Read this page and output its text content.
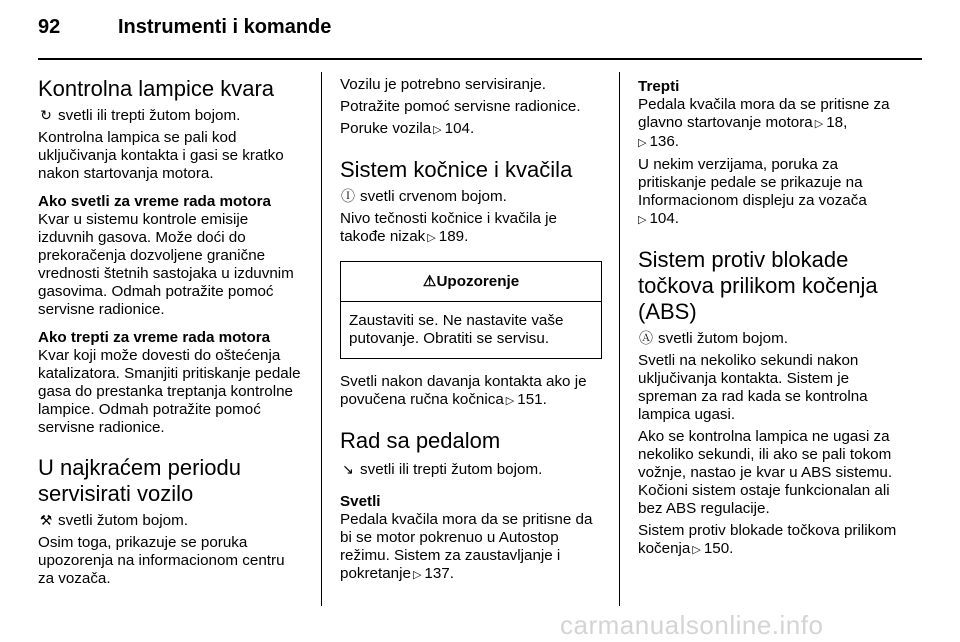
92	Instrumenti i komande
Kontrolna lampice kvara

↻ svetli ili trepti žutom bojom.

Kontrolna lampica se pali kod uključivanja kontakta i gasi se kratko nakon startovanja motora.

Ako svetli za vreme rada motora

Kvar u sistemu kontrole emisije izduvnih gasova. Može doći do prekoračenja dozvoljene granične vrednosti štetnih sastojaka u izduvnim gasovima. Odmah potražite pomoć servisne radionice.

Ako trepti za vreme rada motora

Kvar koji može dovesti do oštećenja katalizatora. Smanjiti pritiskanje pedale gasa do prestanka treptanja kontrolne lampice. Odmah potražite pomoć servisne radionice.

U najkraćem periodu
servisirati vozilo

⚒ svetli žutom bojom.

Osim toga, prikazuje se poruka upozorenja na informacionom centru za vozača.

Vozilu je potrebno servisiranje.

Potražite pomoć servisne radionice.

Poruke vozila ▷ 104.

Sistem kočnice i kvačila

Ⓘ svetli crvenom bojom.

Nivo tečnosti kočnice i kvačila je takođe nizak ▷ 189.

⚠Upozorenje
Zaustaviti se. Ne nastavite vaše putovanje. Obratiti se servisu.

Svetli nakon davanja kontakta ako je povučena ručna kočnica ▷ 151.

Rad sa pedalom

↘ svetli ili trepti žutom bojom.

Svetli

Pedala kvačila mora da se pritisne da bi se motor pokrenuo u Autostop režimu. Sistem za zaustavljanje i pokretanje ▷ 137.

Trepti

Pedala kvačila mora da se pritisne za glavno startovanje motora ▷ 18,
▷ 136.

U nekim verzijama, poruka za pritiskanje pedale se prikazuje na Informacionom displeju za vozača
▷ 104.

Sistem protiv blokade
točkova prilikom kočenja
(ABS)

Ⓐ svetli žutom bojom.

Svetli na nekoliko sekundi nakon uključivanja kontakta. Sistem je spreman za rad kada se kontrolna lampica ugasi.

Ako se kontrolna lampica ne ugasi za nekoliko sekundi, ili ako se pali tokom vožnje, nastao je kvar u ABS sistemu. Kočioni sistem ostaje funkcionalan ali bez ABS regulacije.

Sistem protiv blokade točkova prilikom kočenja ▷ 150.

carmanualsonline.info
